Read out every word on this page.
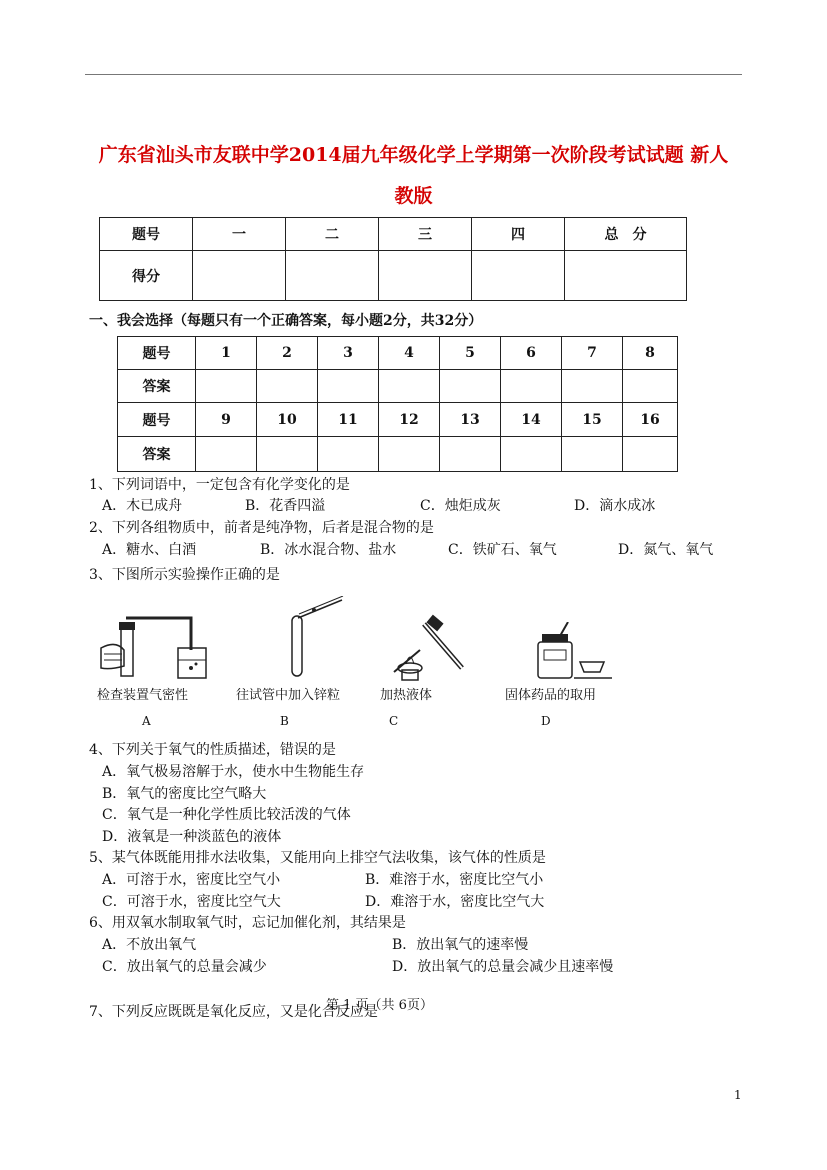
广东省汕头市友联中学2014届九年级化学上学期第一次阶段考试试题 新人
教版
题号	一	二	三	四	总　分
得分					
一、我会选择（每题只有一个正确答案，每小题2分，共32分）
题号	1	2	3	4	5	6	7	8
答案								
题号	9	10	11	12	13	14	15	16
答案								
1、下列词语中，一定包含有化学变化的是
A．木已成舟	B．花香四溢	C．烛炬成灰	D．滴水成冰
2、下列各组物质中，前者是纯净物，后者是混合物的是
A．糖水、白酒	B．冰水混合物、盐水	C．铁矿石、氧气	D．氮气、氧气
3、下图所示实验操作正确的是
检查装置气密性
A
往试管中加入锌粒
B
加热液体
C
固体药品的取用
D
4、下列关于氧气的性质描述，错误的是
A．氧气极易溶解于水，使水中生物能生存
B．氧气的密度比空气略大
C．氧气是一种化学性质比较活泼的气体
D．液氧是一种淡蓝色的液体
5、某气体既能用排水法收集，又能用向上排空气法收集，该气体的性质是
A．可溶于水，密度比空气小	B．难溶于水，密度比空气小
C．可溶于水，密度比空气大	D．难溶于水，密度比空气大
6、用双氧水制取氧气时，忘记加催化剂，其结果是
A．不放出氧气	B．放出氧气的速率慢
C．放出氧气的总量会减少	D．放出氧气的总量会减少且速率慢
第 1 页（共 6页）
7、下列反应既既是氧化反应，又是化合反应是
1
